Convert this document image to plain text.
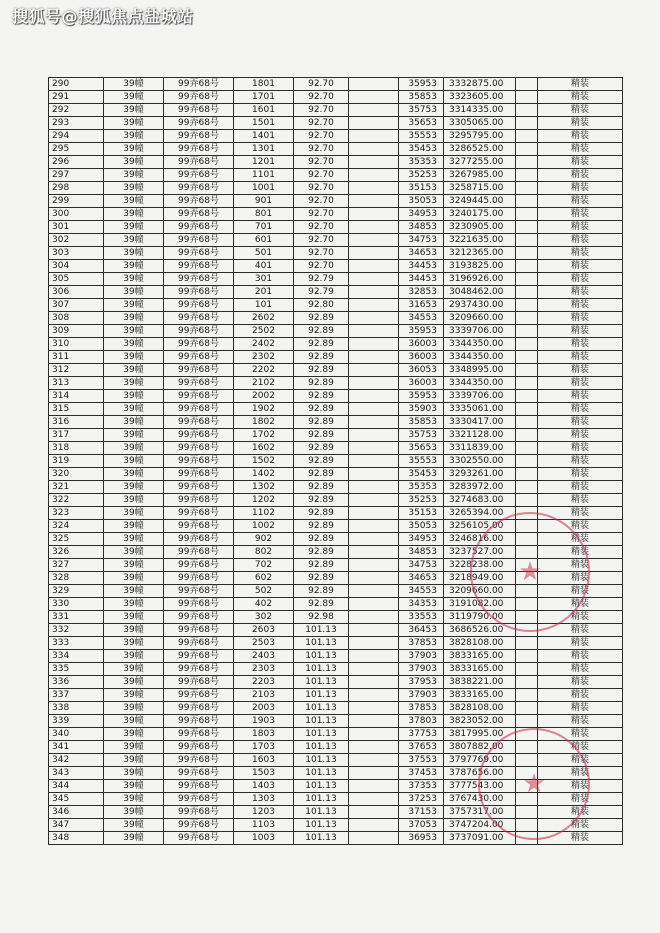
搜狐号@搜狐焦点盐城站
290	39幢	99弄68号	1801	92.70		35953	3332875.00		精装
291	39幢	99弄68号	1701	92.70		35853	3323605.00		精装
292	39幢	99弄68号	1601	92.70		35753	3314335.00		精装
293	39幢	99弄68号	1501	92.70		35653	3305065.00		精装
294	39幢	99弄68号	1401	92.70		35553	3295795.00		精装
295	39幢	99弄68号	1301	92.70		35453	3286525.00		精装
296	39幢	99弄68号	1201	92.70		35353	3277255.00		精装
297	39幢	99弄68号	1101	92.70		35253	3267985.00		精装
298	39幢	99弄68号	1001	92.70		35153	3258715.00		精装
299	39幢	99弄68号	901	92.70		35053	3249445.00		精装
300	39幢	99弄68号	801	92.70		34953	3240175.00		精装
301	39幢	99弄68号	701	92.70		34853	3230905.00		精装
302	39幢	99弄68号	601	92.70		34753	3221635.00		精装
303	39幢	99弄68号	501	92.70		34653	3212365.00		精装
304	39幢	99弄68号	401	92.70		34453	3193825.00		精装
305	39幢	99弄68号	301	92.79		34453	3196926.00		精装
306	39幢	99弄68号	201	92.79		32853	3048462.00		精装
307	39幢	99弄68号	101	92.80		31653	2937430.00		精装
308	39幢	99弄68号	2602	92.89		34553	3209660.00		精装
309	39幢	99弄68号	2502	92.89		35953	3339706.00		精装
310	39幢	99弄68号	2402	92.89		36003	3344350.00		精装
311	39幢	99弄68号	2302	92.89		36003	3344350.00		精装
312	39幢	99弄68号	2202	92.89		36053	3348995.00		精装
313	39幢	99弄68号	2102	92.89		36003	3344350.00		精装
314	39幢	99弄68号	2002	92.89		35953	3339706.00		精装
315	39幢	99弄68号	1902	92.89		35903	3335061.00		精装
316	39幢	99弄68号	1802	92.89		35853	3330417.00		精装
317	39幢	99弄68号	1702	92.89		35753	3321128.00		精装
318	39幢	99弄68号	1602	92.89		35653	3311839.00		精装
319	39幢	99弄68号	1502	92.89		35553	3302550.00		精装
320	39幢	99弄68号	1402	92.89		35453	3293261.00		精装
321	39幢	99弄68号	1302	92.89		35353	3283972.00		精装
322	39幢	99弄68号	1202	92.89		35253	3274683.00		精装
323	39幢	99弄68号	1102	92.89		35153	3265394.00		精装
324	39幢	99弄68号	1002	92.89		35053	3256105.00		精装
325	39幢	99弄68号	902	92.89		34953	3246816.00		精装
326	39幢	99弄68号	802	92.89		34853	3237527.00		精装
327	39幢	99弄68号	702	92.89		34753	3228238.00		精装
328	39幢	99弄68号	602	92.89		34653	3218949.00		精装
329	39幢	99弄68号	502	92.89		34553	3209660.00		精装
330	39幢	99弄68号	402	92.89		34353	3191082.00		精装
331	39幢	99弄68号	302	92.98		33553	3119790.00		精装
332	39幢	99弄68号	2603	101.13		36453	3686526.00		精装
333	39幢	99弄68号	2503	101.13		37853	3828108.00		精装
334	39幢	99弄68号	2403	101.13		37903	3833165.00		精装
335	39幢	99弄68号	2303	101.13		37903	3833165.00		精装
336	39幢	99弄68号	2203	101.13		37953	3838221.00		精装
337	39幢	99弄68号	2103	101.13		37903	3833165.00		精装
338	39幢	99弄68号	2003	101.13		37853	3828108.00		精装
339	39幢	99弄68号	1903	101.13		37803	3823052.00		精装
340	39幢	99弄68号	1803	101.13		37753	3817995.00		精装
341	39幢	99弄68号	1703	101.13		37653	3807882.00		精装
342	39幢	99弄68号	1603	101.13		37553	3797769.00		精装
343	39幢	99弄68号	1503	101.13		37453	3787656.00		精装
344	39幢	99弄68号	1403	101.13		37353	3777543.00		精装
345	39幢	99弄68号	1303	101.13		37253	3767430.00		精装
346	39幢	99弄68号	1203	101.13		37153	3757317.00		精装
347	39幢	99弄68号	1103	101.13		37053	3747204.00		精装
348	39幢	99弄68号	1003	101.13		36953	3737091.00		精装
★
★
